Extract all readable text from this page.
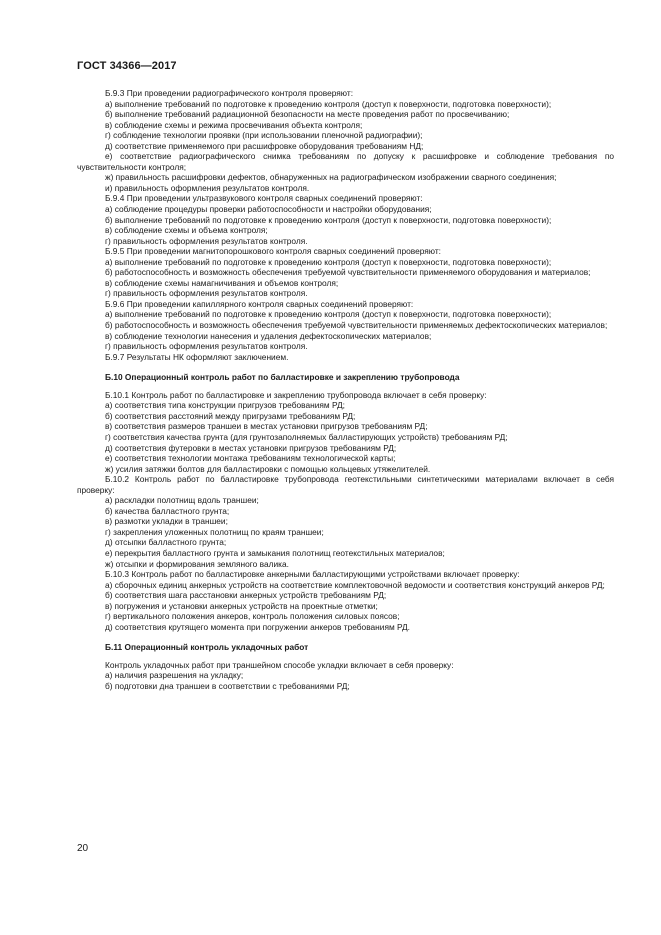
ГОСТ 34366—2017

Б.9.3 При проведении радиографического контроля проверяют:

а) выполнение требований по подготовке к проведению контроля (доступ к поверхности, подготовка поверхности);

б) выполнение требований радиационной безопасности на месте проведения работ по просвечиванию;

в) соблюдение схемы и режима просвечивания объекта контроля;

г) соблюдение технологии проявки (при использовании пленочной радиографии);

д) соответствие применяемого при расшифровке оборудования требованиям НД;

е) соответствие радиографического снимка требованиям по допуску к расшифровке и соблюдение требования по чувствительности контроля;

ж) правильность расшифровки дефектов, обнаруженных на радиографическом изображении сварного соединения;

и) правильность оформления результатов контроля.

Б.9.4 При проведении ультразвукового контроля сварных соединений проверяют:

а) соблюдение процедуры проверки работоспособности и настройки оборудования;

б) выполнение требований по подготовке к проведению контроля (доступ к поверхности, подготовка поверхности);

в) соблюдение схемы и объема контроля;

г) правильность оформления результатов контроля.

Б.9.5 При проведении магнитопорошкового контроля сварных соединений проверяют:

а) выполнение требований по подготовке к проведению контроля (доступ к поверхности, подготовка поверхности);

б) работоспособность и возможность обеспечения требуемой чувствительности применяемого оборудования и материалов;

в) соблюдение схемы намагничивания и объемов контроля;

г) правильность оформления результатов контроля.

Б.9.6 При проведении капиллярного контроля сварных соединений проверяют:

а) выполнение требований по подготовке к проведению контроля (доступ к поверхности, подготовка поверхности);

б) работоспособность и возможность обеспечения требуемой чувствительности применяемых дефектоскопических материалов;

в) соблюдение технологии нанесения и удаления дефектоскопических материалов;

г) правильность оформления результатов контроля.

Б.9.7 Результаты НК оформляют заключением.

Б.10 Операционный контроль работ по балластировке и закреплению трубопровода

Б.10.1 Контроль работ по балластировке и закреплению трубопровода включает в себя проверку:

а) соответствия типа конструкции пригрузов требованиям РД;

б) соответствия расстояний между пригрузами требованиям РД;

в) соответствия размеров траншеи в местах установки пригрузов требованиям РД;

г) соответствия качества грунта (для грунтозаполняемых балластирующих устройств) требованиям РД;

д) соответствия футеровки в местах установки пригрузов требованиям РД;

е) соответствия технологии монтажа требованиям технологической карты;

ж) усилия затяжки болтов для балластировки с помощью кольцевых утяжелителей.

Б.10.2 Контроль работ по балластировке трубопровода геотекстильными синтетическими материалами включает в себя проверку:

а) раскладки полотнищ вдоль траншеи;

б) качества балластного грунта;

в) размотки укладки в траншеи;

г) закрепления уложенных полотнищ по краям траншеи;

д) отсыпки балластного грунта;

е) перекрытия балластного грунта и замыкания полотнищ геотекстильных материалов;

ж) отсыпки и формирования земляного валика.

Б.10.3 Контроль работ по балластировке анкерными балластирующими устройствами включает проверку:

а) сборочных единиц анкерных устройств на соответствие комплектовочной ведомости и соответствия конструкций анкеров РД;

б) соответствия шага расстановки анкерных устройств требованиям РД;

в) погружения и установки анкерных устройств на проектные отметки;

г) вертикального положения анкеров, контроль положения силовых поясов;

д) соответствия крутящего момента при погружении анкеров требованиям РД.

Б.11 Операционный контроль укладочных работ

Контроль укладочных работ при траншейном способе укладки включает в себя проверку:

а) наличия разрешения на укладку;

б) подготовки дна траншеи в соответствии с требованиями РД;

20
